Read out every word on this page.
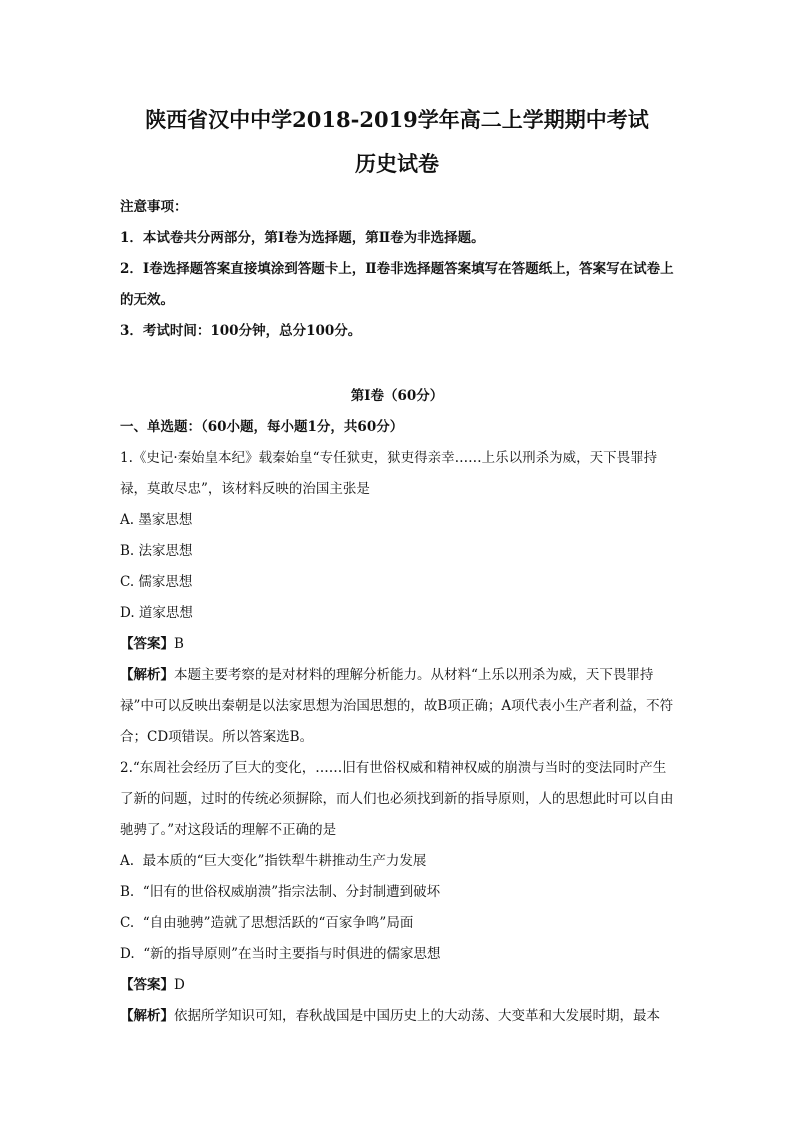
陕西省汉中中学2018-2019学年高二上学期期中考试
历史试卷

注意事项：

1．本试卷共分两部分，第Ⅰ卷为选择题，第Ⅱ卷为非选择题。

2．Ⅰ卷选择题答案直接填涂到答题卡上，Ⅱ卷非选择题答案填写在答题纸上，答案写在试卷上的无效。

3．考试时间：100分钟，总分100分。

第Ⅰ卷（60分）

一、单选题：（60小题，每小题1分，共60分）

1.《史记·秦始皇本纪》载秦始皇“专任狱吏，狱吏得亲幸……上乐以刑杀为威，天下畏罪持禄，莫敢尽忠”，该材料反映的治国主张是

A. 墨家思想

B. 法家思想

C. 儒家思想

D. 道家思想

【答案】B

【解析】本题主要考察的是对材料的理解分析能力。从材料“上乐以刑杀为威，天下畏罪持禄”中可以反映出秦朝是以法家思想为治国思想的，故B项正确；A项代表小生产者利益，不符合；CD项错误。所以答案选B。

2.“东周社会经历了巨大的变化，……旧有世俗权威和精神权威的崩溃与当时的变法同时产生了新的问题，过时的传统必须摒除，而人们也必须找到新的指导原则，人的思想此时可以自由驰骋了。”对这段话的理解不正确的是

A.  最本质的“巨大变化”指铁犁牛耕推动生产力发展

B.  “旧有的世俗权威崩溃”指宗法制、分封制遭到破坏

C.  “自由驰骋”造就了思想活跃的“百家争鸣”局面

D.  “新的指导原则”在当时主要指与时俱进的儒家思想

【答案】D

【解析】依据所学知识可知，春秋战国是中国历史上的大动荡、大变革和大发展时期，最本
